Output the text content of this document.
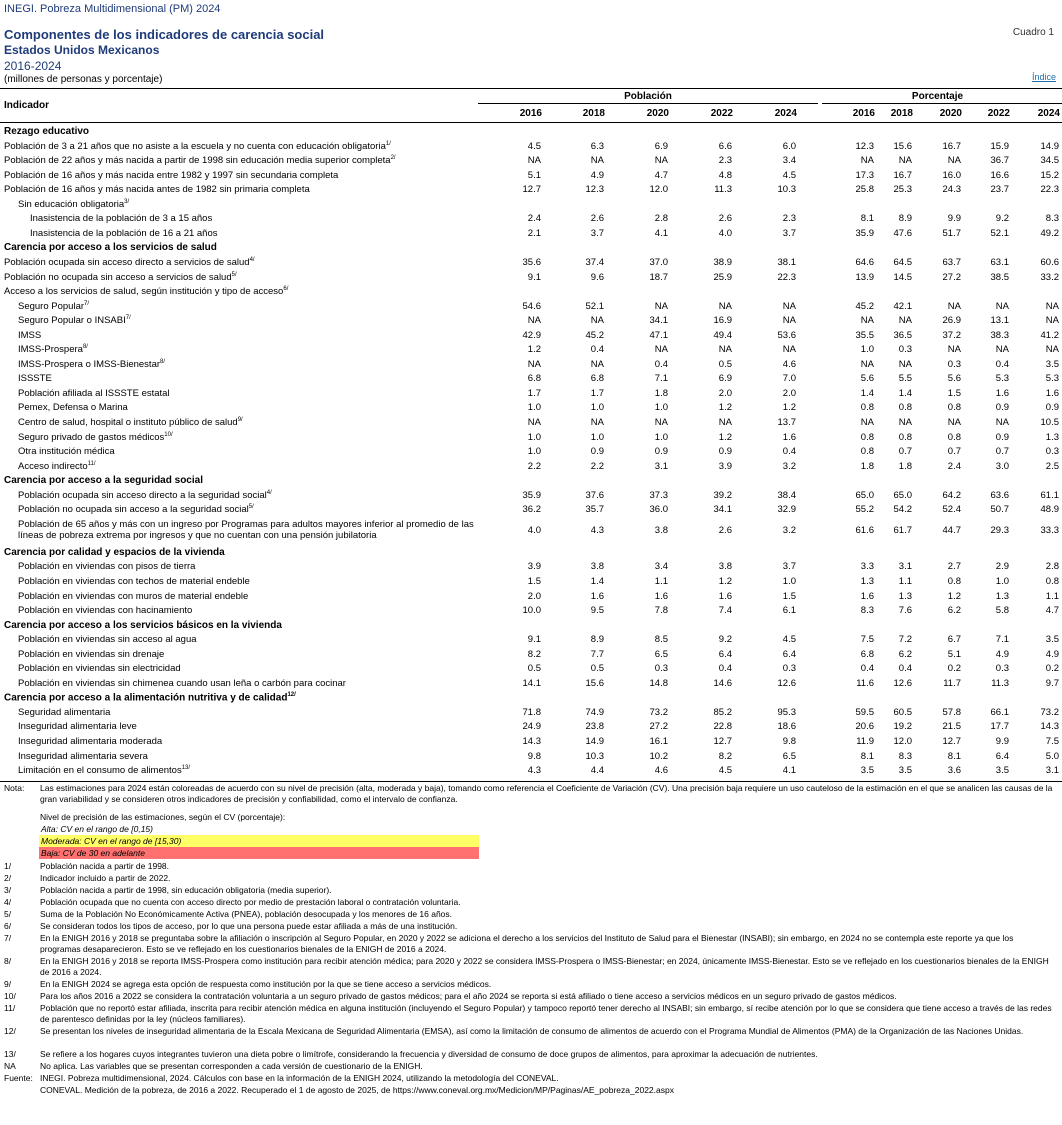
INEGI. Pobreza Multidimensional (PM) 2024
Componentes de los indicadores de carencia social	Cuadro 1
Estados Unidos Mexicanos
2016-2024
(millones de personas y porcentaje)	Índice
Indicador
Población	Porcentaje
2016	2016
2018	2018
2020	2020
2022	2022
2024	2024
Rezago educativo
Población de 3 a 21 años que no asiste a la escuela y no cuenta con educación obligatoria$^{1/}$	4.5	6.3	6.9	6.6	6.0	12.3	15.6	16.7	15.9	14.9
Población de 22 años y más nacida a partir de 1998 sin educación media superior completa$^{2/}$	NA	NA	NA	2.3	3.4	NA	NA	NA	36.7	34.5
Población de 16 años y más nacida entre 1982 y 1997 sin secundaria completa	5.1	4.9	4.7	4.8	4.5	17.3	16.7	16.0	16.6	15.2
Población de 16 años y más nacida antes de 1982 sin primaria completa	12.7	12.3	12.0	11.3	10.3	25.8	25.3	24.3	23.7	22.3
Sin educación obligatoria$^{3/}$
Inasistencia de la población de 3 a 15 años	2.4	2.6	2.8	2.6	2.3	8.1	8.9	9.9	9.2	8.3
Inasistencia de la población de 16 a 21 años	2.1	3.7	4.1	4.0	3.7	35.9	47.6	51.7	52.1	49.2
Carencia por acceso a los servicios de salud
Población ocupada sin acceso directo a servicios de salud$^{4/}$	35.6	37.4	37.0	38.9	38.1	64.6	64.5	63.7	63.1	60.6
Población no ocupada sin acceso a servicios de salud$^{5/}$	9.1	9.6	18.7	25.9	22.3	13.9	14.5	27.2	38.5	33.2
Acceso a los servicios de salud, según institución y tipo de acceso$^{6/}$
Seguro Popular$^{7/}$	54.6	52.1	NA	NA	NA	45.2	42.1	NA	NA	NA
Seguro Popular o $INSABI^{7/}$	NA	NA	34.1	16.9	NA	NA	NA	26.9	13.1	NA
IMSS	42.9	45.2	47.1	49.4	53.6	35.5	36.5	37.2	38.3	41.2
IMSS-Prospera$^{8/}$	1.2	0.4	NA	NA	NA	1.0	0.3	NA	NA	NA
IMSS-Prospera o IMSS-Bienestar$^{8/}$	NA	NA	0.4	0.5	4.6	NA	NA	0.3	0.4	3.5
ISSSTE	6.8	6.8	7.1	6.9	7.0	5.6	5.5	5.6	5.3	5.3
Población afiliada al ISSSTE estatal	1.7	1.7	1.8	2.0	2.0	1.4	1.4	1.5	1.6	1.6
Pemex, Defensa o Marina	1.0	1.0	1.0	1.2	1.2	0.8	0.8	0.8	0.9	0.9
Centro de salud, hospital o instituto público de salud$^{9/}$	NA	NA	NA	NA	13.7	NA	NA	NA	NA	10.5
Seguro privado de gastos médicos$^{10/}$	1.0	1.0	1.0	1.2	1.6	0.8	0.8	0.8	0.9	1.3
Otra institución médica	1.0	0.9	0.9	0.9	0.4	0.8	0.7	0.7	0.7	0.3
Acceso indirecto$^{11/}$	2.2	2.2	3.1	3.9	3.2	1.8	1.8	2.4	3.0	2.5
Carencia por acceso a la seguridad social
Población ocupada sin acceso directo a la seguridad social$^{4/}$	35.9	37.6	37.3	39.2	38.4	65.0	65.0	64.2	63.6	61.1
Población no ocupada sin acceso a la seguridad social$^{5/}$	36.2	35.7	36.0	34.1	32.9	55.2	54.2	52.4	50.7	48.9
Población de 65 años y más con un ingreso por Programas para adultos mayores inferior al promedio de las líneas de pobreza extrema por ingresos y que no cuentan con una pensión jubilatoria	4.0	4.3	3.8	2.6	3.2	61.6	61.7	44.7	29.3	33.3
Carencia por calidad y espacios de la vivienda
Población en viviendas con pisos de tierra	3.9	3.8	3.4	3.8	3.7	3.3	3.1	2.7	2.9	2.8
Población en viviendas con techos de material endeble	1.5	1.4	1.1	1.2	1.0	1.3	1.1	0.8	1.0	0.8
Población en viviendas con muros de material endeble	2.0	1.6	1.6	1.6	1.5	1.6	1.3	1.2	1.3	1.1
Población en viviendas con hacinamiento	10.0	9.5	7.8	7.4	6.1	8.3	7.6	6.2	5.8	4.7
Carencia por acceso a los servicios básicos en la vivienda
Población en viviendas sin acceso al agua	9.1	8.9	8.5	9.2	4.5	7.5	7.2	6.7	7.1	3.5
Población en viviendas sin drenaje	8.2	7.7	6.5	6.4	6.4	6.8	6.2	5.1	4.9	4.9
Población en viviendas sin electricidad	0.5	0.5	0.3	0.4	0.3	0.4	0.4	0.2	0.3	0.2
Población en viviendas sin chimenea cuando usan leña o carbón para cocinar	14.1	15.6	14.8	14.6	12.6	11.6	12.6	11.7	11.3	9.7
Carencia por acceso a la alimentación nutritiva y de calidad$^{12/}$
Seguridad alimentaria	71.8	74.9	73.2	85.2	95.3	59.5	60.5	57.8	66.1	73.2
Inseguridad alimentaria leve	24.9	23.8	27.2	22.8	18.6	20.6	19.2	21.5	17.7	14.3
Inseguridad alimentaria moderada	14.3	14.9	16.1	12.7	9.8	11.9	12.0	12.7	9.9	7.5
Inseguridad alimentaria severa	9.8	10.3	10.2	8.2	6.5	8.1	8.3	8.1	6.4	5.0
Limitación en el consumo de alimentos$^{13/}$	4.3	4.4	4.6	4.5	4.1	3.5	3.5	3.6	3.5	3.1
Nota: Las estimaciones para 2024 están coloreadas de acuerdo con su nivel de precisión (alta, moderada y baja), tomando como referencia el Coeficiente de Variación (CV). Una precisión baja requiere un uso cauteloso de la estimación en el que se analicen las causas de la gran variabilidad y se consideren otros indicadores de precisión y confiabilidad, como el intervalo de confianza.
Nivel de precisión de las estimaciones, según el CV (porcentaje):
Alta: CV en el rango de [0,15)
Moderada: CV en el rango de [15,30)
Baja: CV de 30 en adelante
1/	Población nacida a partir de 1998.
2/	Indicador incluido a partir de 2022.
3/	Población nacida a partir de 1998, sin educación obligatoria (media superior).
4/	Población ocupada que no cuenta con acceso directo por medio de prestación laboral o contratación voluntaria.
5/	Suma de la Población No Económicamente Activa (PNEA), población desocupada y los menores de 16 años.
6/	Se consideran todos los tipos de acceso, por lo que una persona puede estar afiliada a más de una institución.
7/	En la ENIGH 2016 y 2018 se preguntaba sobre la afiliación o inscripción al Seguro Popular, en 2020 y 2022 se adiciona el derecho a los servicios del Instituto de Salud para el Bienestar (INSABI); sin embargo, en 2024 no se contempla este reporte ya que los programas desaparecieron. Esto se ve reflejado en los cuestionarios bienales de la ENIGH de 2016 a 2024.
8/	En la ENIGH 2016 y 2018 se reporta IMSS-Prospera como institución para recibir atención médica; para 2020 y 2022 se considera IMSS-Prospera o IMSS-Bienestar; en 2024, únicamente IMSS-Bienestar. Esto se ve reflejado en los cuestionarios bienales de la ENIGH de 2016 a 2024.
9/	En la ENIGH 2024 se agrega esta opción de respuesta como institución por la que se tiene acceso a servicios médicos.
10/	Para los años 2016 a 2022 se considera la contratación voluntaria a un seguro privado de gastos médicos; para el año 2024 se reporta si está afiliado o tiene acceso a servicios médicos en un seguro privado de gastos médicos.
11/	Población que no reportó estar afiliada, inscrita para recibir atención médica en alguna institución (incluyendo el Seguro Popular) y tampoco reportó tener derecho al INSABI; sin embargo, sí recibe atención por lo que se considera que tiene acceso a través de las redes de parentesco definidas por la ley (núcleos familiares).
12/	Se presentan los niveles de inseguridad alimentaria de la Escala Mexicana de Seguridad Alimentaria (EMSA), así como la limitación de consumo de alimentos de acuerdo con el Programa Mundial de Alimentos (PMA) de la Organización de las Naciones Unidas.
13/	Se refiere a los hogares cuyos integrantes tuvieron una dieta pobre o limítrofe, considerando la frecuencia y diversidad de consumo de doce grupos de alimentos, para aproximar la adecuación de nutrientes.
NA	No aplica. Las variables que se presentan corresponden a cada versión de cuestionario de la ENIGH.
Fuente: INEGI. Pobreza multidimensional, 2024. Cálculos con base en la información de la ENIGH 2024, utilizando la metodología del CONEVAL.
CONEVAL. Medición de la pobreza, de 2016 a 2022. Recuperado el 1 de agosto de 2025, de https://www.coneval.org.mx/Medicion/MP/Paginas/AE_pobreza_2022.aspx
